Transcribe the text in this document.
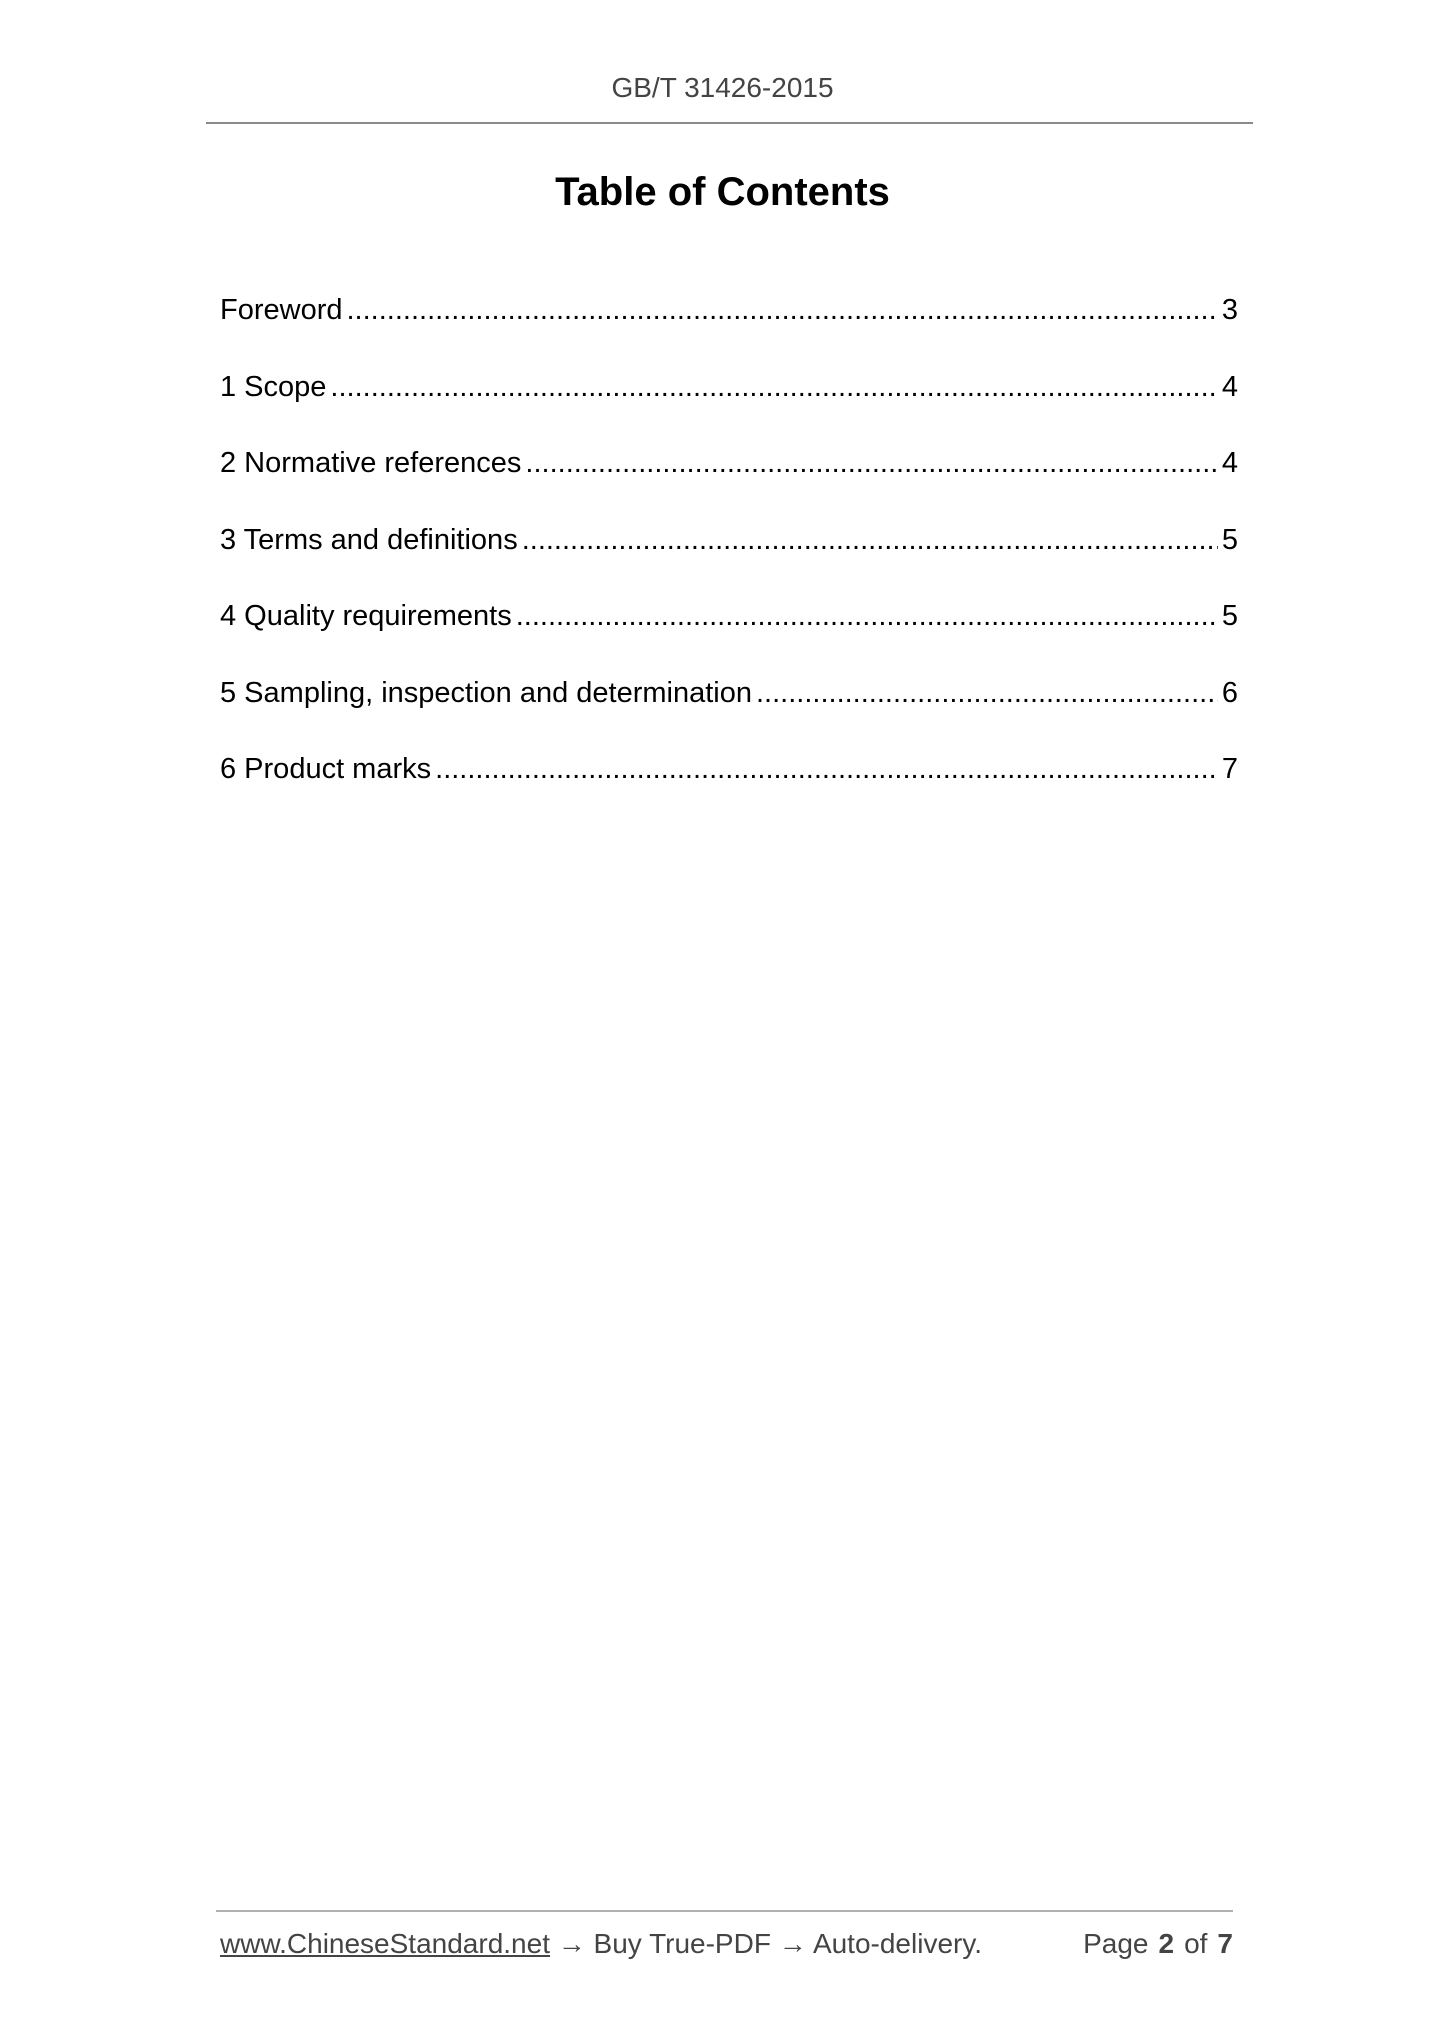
GB/T 31426-2015
Table of Contents
Foreword .....	3
1 Scope .....	4
2 Normative references .....	4
3 Terms and definitions .....	5
4 Quality requirements .....	5
5 Sampling, inspection and determination .....	6
6 Product marks .....	7
www.ChineseStandard.net → Buy True-PDF → Auto-delivery.	Page 2 of 7
